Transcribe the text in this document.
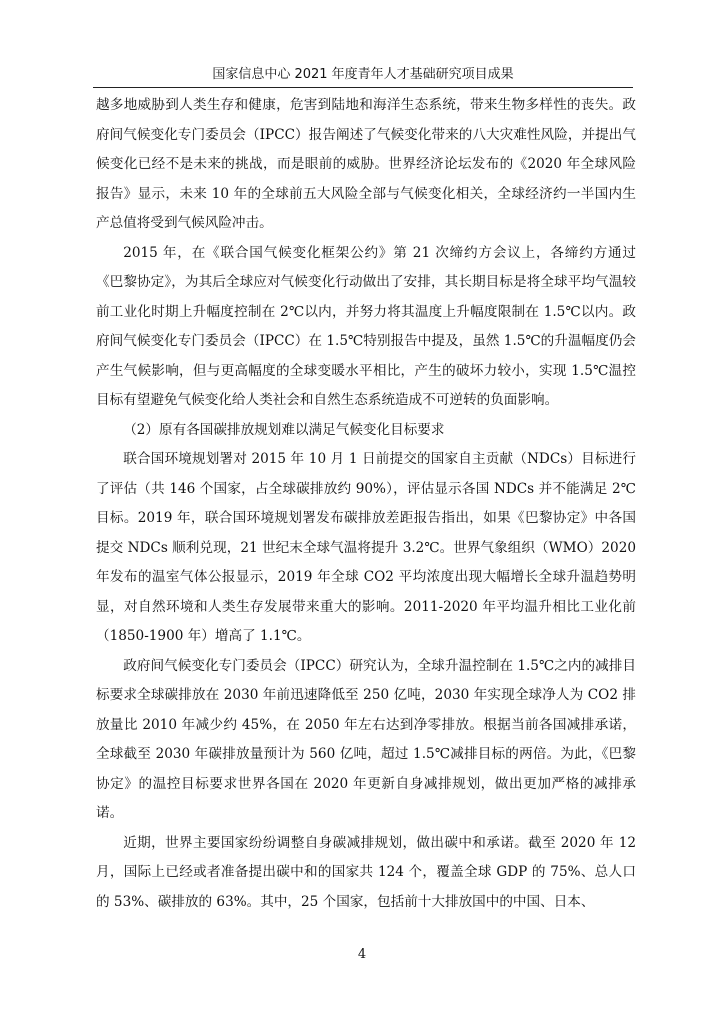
国家信息中心 2021 年度青年人才基础研究项目成果

越多地威胁到人类生存和健康，危害到陆地和海洋生态系统，带来生物多样性的丧失。政府间气候变化专门委员会（IPCC）报告阐述了气候变化带来的八大灾难性风险，并提出气候变化已经不是未来的挑战，而是眼前的威胁。世界经济论坛发布的《2020 年全球风险报告》显示，未来 10 年的全球前五大风险全部与气候变化相关，全球经济约一半国内生产总值将受到气候风险冲击。

2015 年，在《联合国气候变化框架公约》第 21 次缔约方会议上，各缔约方通过《巴黎协定》，为其后全球应对气候变化行动做出了安排，其长期目标是将全球平均气温较前工业化时期上升幅度控制在 2℃以内，并努力将其温度上升幅度限制在 1.5℃以内。政府间气候变化专门委员会（IPCC）在 1.5℃特别报告中提及，虽然 1.5℃的升温幅度仍会产生气候影响，但与更高幅度的全球变暖水平相比，产生的破坏力较小，实现 1.5℃温控目标有望避免气候变化给人类社会和自然生态系统造成不可逆转的负面影响。

（2）原有各国碳排放规划难以满足气候变化目标要求

联合国环境规划署对 2015 年 10 月 1 日前提交的国家自主贡献（NDCs）目标进行了评估（共 146 个国家，占全球碳排放约 90%），评估显示各国 NDCs 并不能满足 2℃目标。2019 年，联合国环境规划署发布碳排放差距报告指出，如果《巴黎协定》中各国提交 NDCs 顺利兑现，21 世纪末全球气温将提升 3.2℃。世界气象组织（WMO）2020 年发布的温室气体公报显示，2019 年全球 CO2 平均浓度出现大幅增长全球升温趋势明显，对自然环境和人类生存发展带来重大的影响。2011-2020 年平均温升相比工业化前（1850-1900 年）增高了 1.1℃。

政府间气候变化专门委员会（IPCC）研究认为，全球升温控制在 1.5℃之内的减排目标要求全球碳排放在 2030 年前迅速降低至 250 亿吨，2030 年实现全球净人为 CO2 排放量比 2010 年减少约 45%，在 2050 年左右达到净零排放。根据当前各国减排承诺，全球截至 2030 年碳排放量预计为 560 亿吨，超过 1.5℃减排目标的两倍。为此，《巴黎协定》的温控目标要求世界各国在 2020 年更新自身减排规划，做出更加严格的减排承诺。

近期，世界主要国家纷纷调整自身碳减排规划，做出碳中和承诺。截至 2020 年 12 月，国际上已经或者准备提出碳中和的国家共 124 个，覆盖全球 GDP 的 75%、总人口的 53%、碳排放的 63%。其中，25 个国家，包括前十大排放国中的中国、日本、

4
